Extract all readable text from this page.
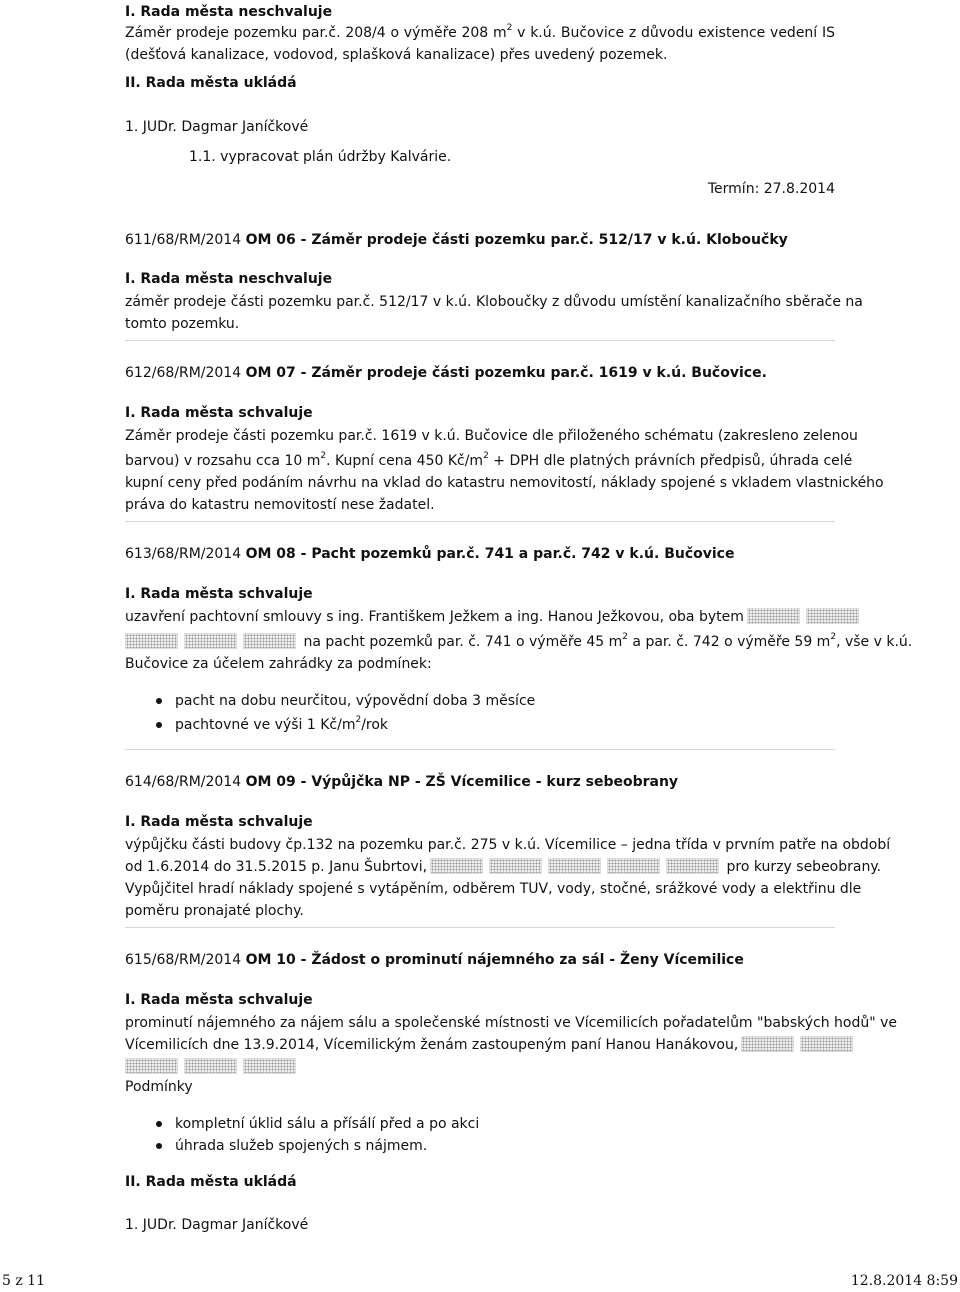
I. Rada města neschvaluje
Záměr prodeje pozemku par.č. 208/4 o výměře 208 $m^2$ v k.ú. Bučovice z důvodu existence vedení IS
(dešťová kanalizace, vodovod, splašková kanalizace) přes uvedený pozemek.
II. Rada města ukládá
1. JUDr. Dagmar Janíčkové
1.1. vypracovat plán údržby Kalvárie.
Termín: 27.8.2014
611/68/RM/2014 OM 06 - Záměr prodeje části pozemku par.č. 512/17 v k.ú. Kloboučky
I. Rada města neschvaluje
záměr prodeje části pozemku par.č. 512/17 v k.ú. Kloboučky z důvodu umístění kanalizačního sběrače na
tomto pozemku.
612/68/RM/2014 OM 07 - Záměr prodeje části pozemku par.č. 1619 v k.ú. Bučovice.
I. Rada města schvaluje
Záměr prodeje části pozemku par.č. 1619 v k.ú. Bučovice dle přiloženého schématu (zakresleno zelenou
barvou) v rozsahu cca 10 $m^2$. Kupní cena 450 $Kč/m^2$ + DPH dle platných právních předpisů, úhrada celé
kupní ceny před podáním návrhu na vklad do katastru nemovitostí, náklady spojené s vkladem vlastnického
práva do katastru nemovitostí nese žadatel.
613/68/RM/2014 OM 08 - Pacht pozemků par.č. 741 a par.č. 742 v k.ú. Bučovice
I. Rada města schvaluje
uzavření pachtovní smlouvy s ing. Františkem Ježkem a ing. Hanou Ježkovou, oba bytem
na pacht pozemků par. č. 741 o výměře 45 $m^2$ a par. č. 742 o výměře 59 $m^2$, vše v k.ú.
Bučovice za účelem zahrádky za podmínek:
pacht na dobu neurčitou, výpovědní doba 3 měsíce
pachtovné ve výši 1 $Kč/m^2$/rok
614/68/RM/2014 OM 09 - Výpůjčka NP - ZŠ Vícemilice - kurz sebeobrany
I. Rada města schvaluje
výpůjčku části budovy čp.132 na pozemku par.č. 275 v k.ú. Vícemilice – jedna třída v prvním patře na období
od 1.6.2014 do 31.5.2015 p. Janu Šubrtovi,	pro kurzy sebeobrany.
Vypůjčitel hradí náklady spojené s vytápěním, odběrem TUV, vody, stočné, srážkové vody a elektřinu dle
poměru pronajaté plochy.
615/68/RM/2014 OM 10 - Žádost o prominutí nájemného za sál - Ženy Vícemilice
I. Rada města schvaluje
prominutí nájemného za nájem sálu a společenské místnosti ve Vícemilicích pořadatelům "babských hodů" ve
Vícemilicích dne 13.9.2014, Vícemilickým ženám zastoupeným paní Hanou Hanákovou,
Podmínky
kompletní úklid sálu a přísálí před a po akci
úhrada služeb spojených s nájmem.
II. Rada města ukládá
1. JUDr. Dagmar Janíčkové
5 z 11	12.8.2014 8:59
